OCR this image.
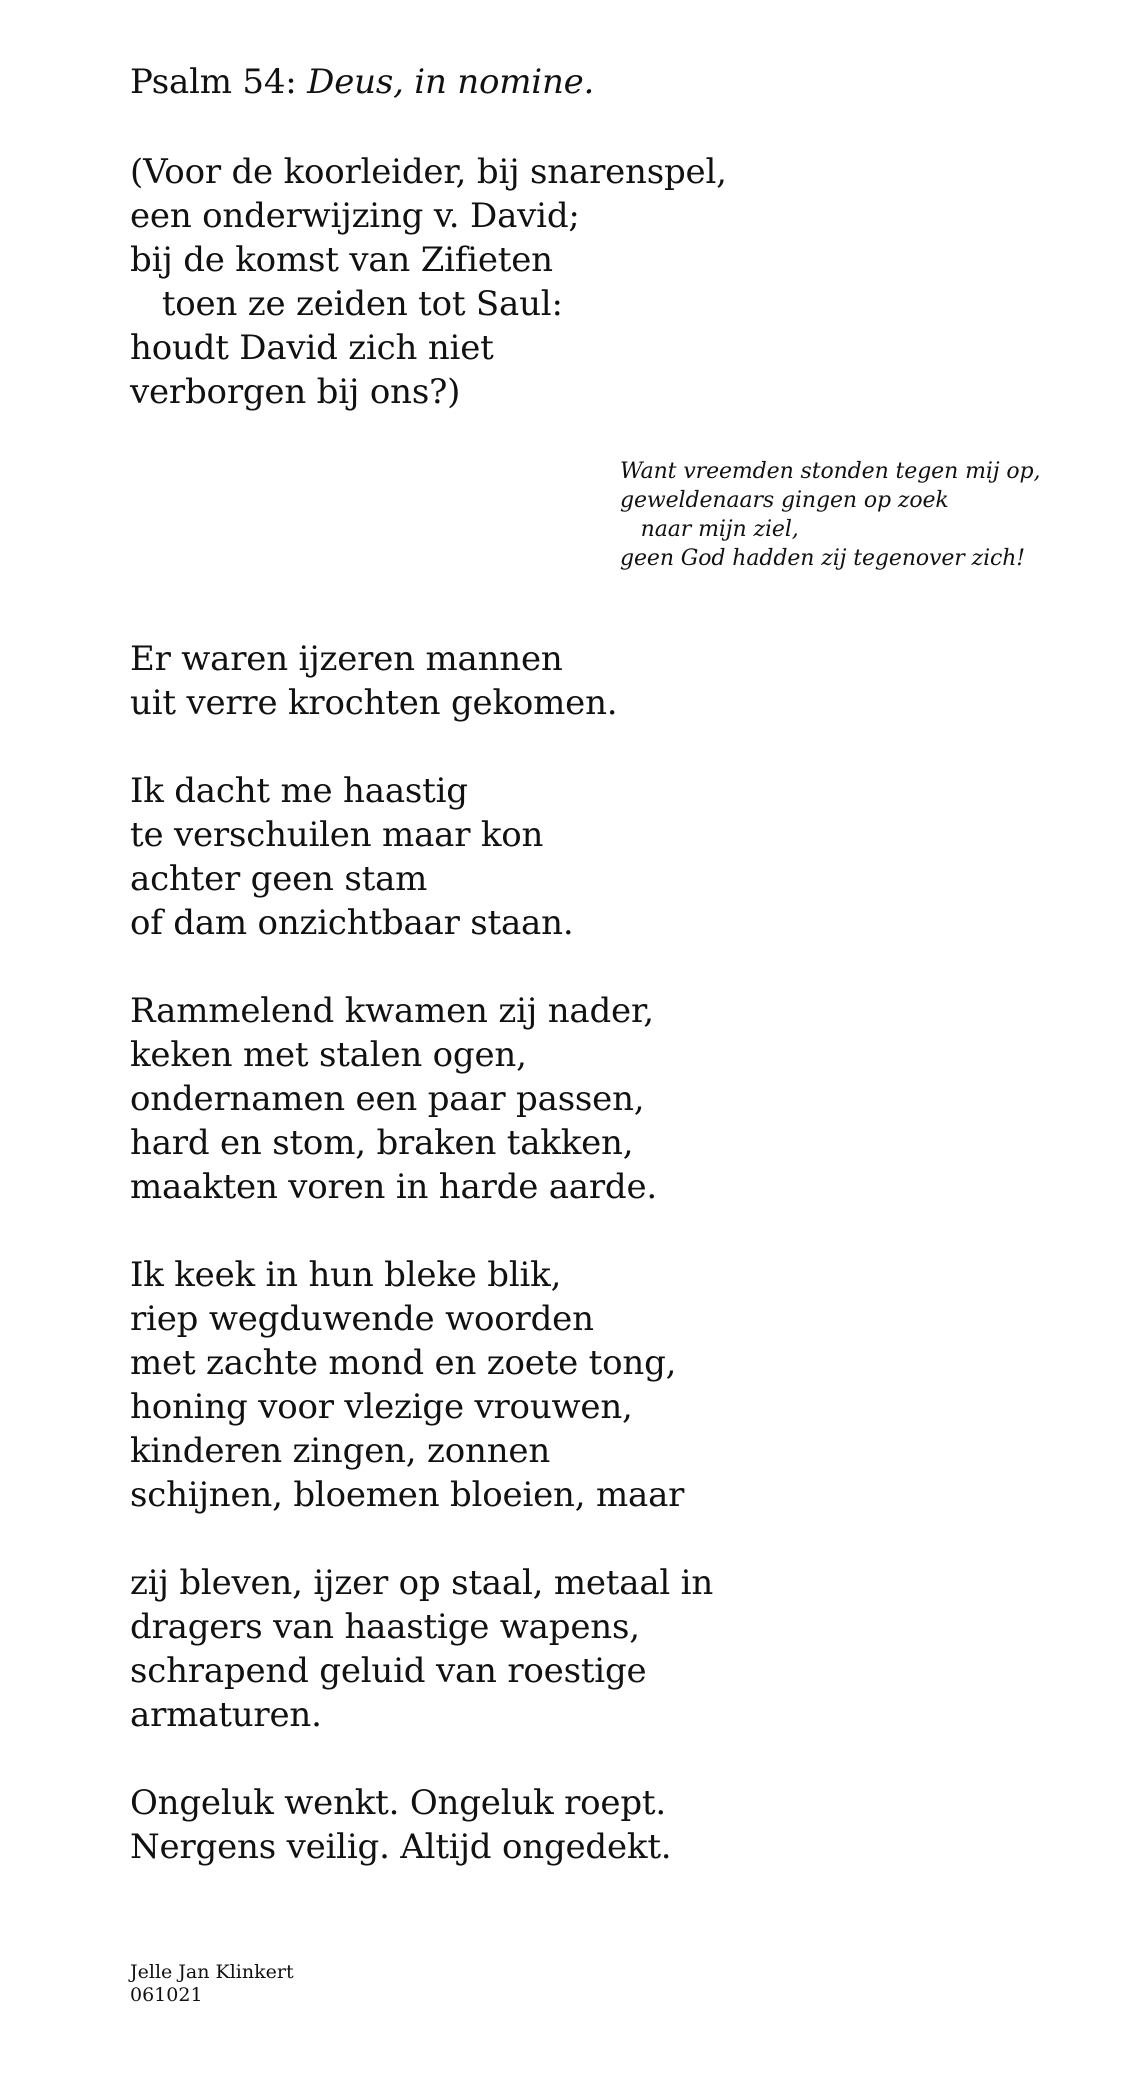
Psalm 54: Deus, in nomine.
(Voor de koorleider, bij snarenspel,
een onderwijzing v. David;
bij de komst van Zifieten
toen ze zeiden tot Saul:
houdt David zich niet
verborgen bij ons?)
Want vreemden stonden tegen mij op,
geweldenaars gingen op zoek
naar mijn ziel,
geen God hadden zij tegenover zich!
Er waren ijzeren mannen
uit verre krochten gekomen.
Ik dacht me haastig
te verschuilen maar kon
achter geen stam
of dam onzichtbaar staan.
Rammelend kwamen zij nader,
keken met stalen ogen,
ondernamen een paar passen,
hard en stom, braken takken,
maakten voren in harde aarde.
Ik keek in hun bleke blik,
riep wegduwende woorden
met zachte mond en zoete tong,
honing voor vlezige vrouwen,
kinderen zingen, zonnen
schijnen, bloemen bloeien, maar
zij bleven, ijzer op staal, metaal in
dragers van haastige wapens,
schrapend geluid van roestige
armaturen.
Ongeluk wenkt. Ongeluk roept.
Nergens veilig. Altijd ongedekt.
Jelle Jan Klinkert
061021
